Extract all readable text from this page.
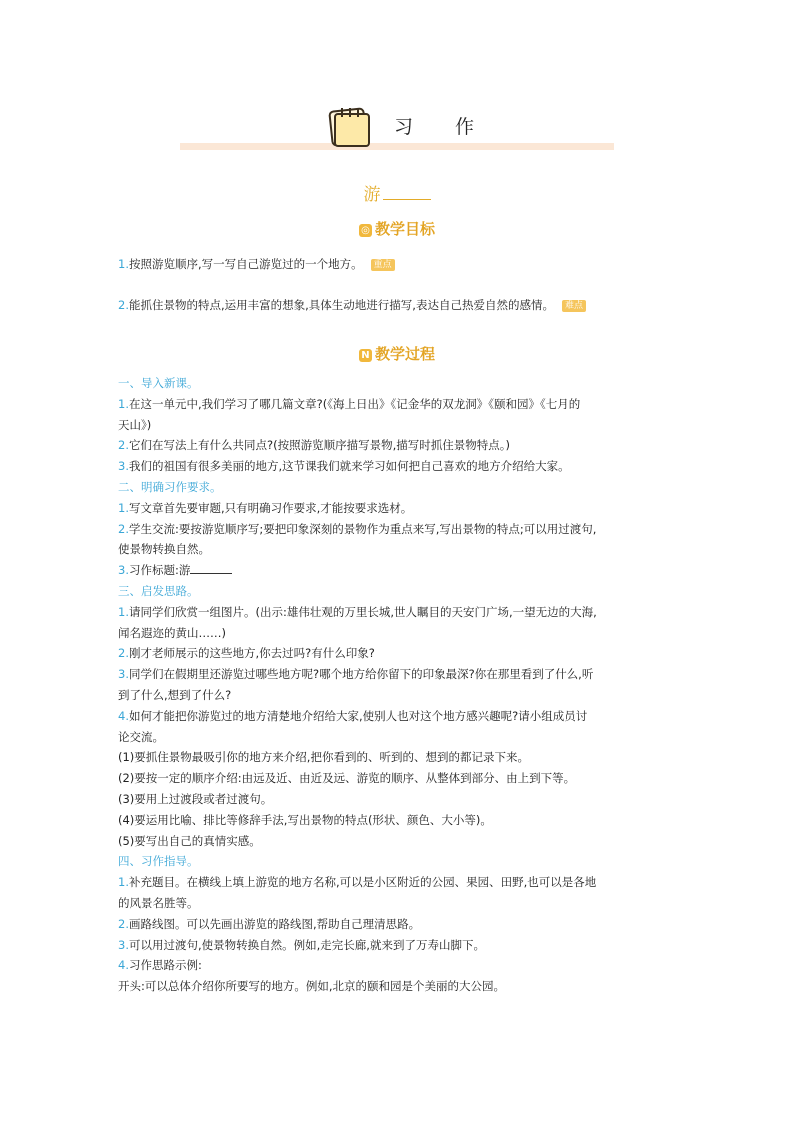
习作
游
◎ 教学目标
1.按照游览顺序,写一写自己游览过的一个地方。 重点
2.能抓住景物的特点,运用丰富的想象,具体生动地进行描写,表达自己热爱自然的感情。 难点
N 教学过程

一、导入新课。

1.在这一单元中,我们学习了哪几篇文章?(《海上日出》《记金华的双龙洞》《颐和园》《七月的

天山》)

2.它们在写法上有什么共同点?(按照游览顺序描写景物,描写时抓住景物特点。)

3.我们的祖国有很多美丽的地方,这节课我们就来学习如何把自己喜欢的地方介绍给大家。

二、明确习作要求。

1.写文章首先要审题,只有明确习作要求,才能按要求选材。

2.学生交流:要按游览顺序写;要把印象深刻的景物作为重点来写,写出景物的特点;可以用过渡句,

使景物转换自然。

3.习作标题:游

三、启发思路。

1.请同学们欣赏一组图片。(出示:雄伟壮观的万里长城,世人瞩目的天安门广场,一望无边的大海,

闻名遐迩的黄山……)

2.刚才老师展示的这些地方,你去过吗?有什么印象?

3.同学们在假期里还游览过哪些地方呢?哪个地方给你留下的印象最深?你在那里看到了什么,听

到了什么,想到了什么?

4.如何才能把你游览过的地方清楚地介绍给大家,使别人也对这个地方感兴趣呢?请小组成员讨

论交流。

(1)要抓住景物最吸引你的地方来介绍,把你看到的、听到的、想到的都记录下来。

(2)要按一定的顺序介绍:由远及近、由近及远、游览的顺序、从整体到部分、由上到下等。

(3)要用上过渡段或者过渡句。

(4)要运用比喻、排比等修辞手法,写出景物的特点(形状、颜色、大小等)。

(5)要写出自己的真情实感。

四、习作指导。

1.补充题目。在横线上填上游览的地方名称,可以是小区附近的公园、果园、田野,也可以是各地

的风景名胜等。

2.画路线图。可以先画出游览的路线图,帮助自己理清思路。

3.可以用过渡句,使景物转换自然。例如,走完长廊,就来到了万寿山脚下。

4.习作思路示例:

开头:可以总体介绍你所要写的地方。例如,北京的颐和园是个美丽的大公园。
